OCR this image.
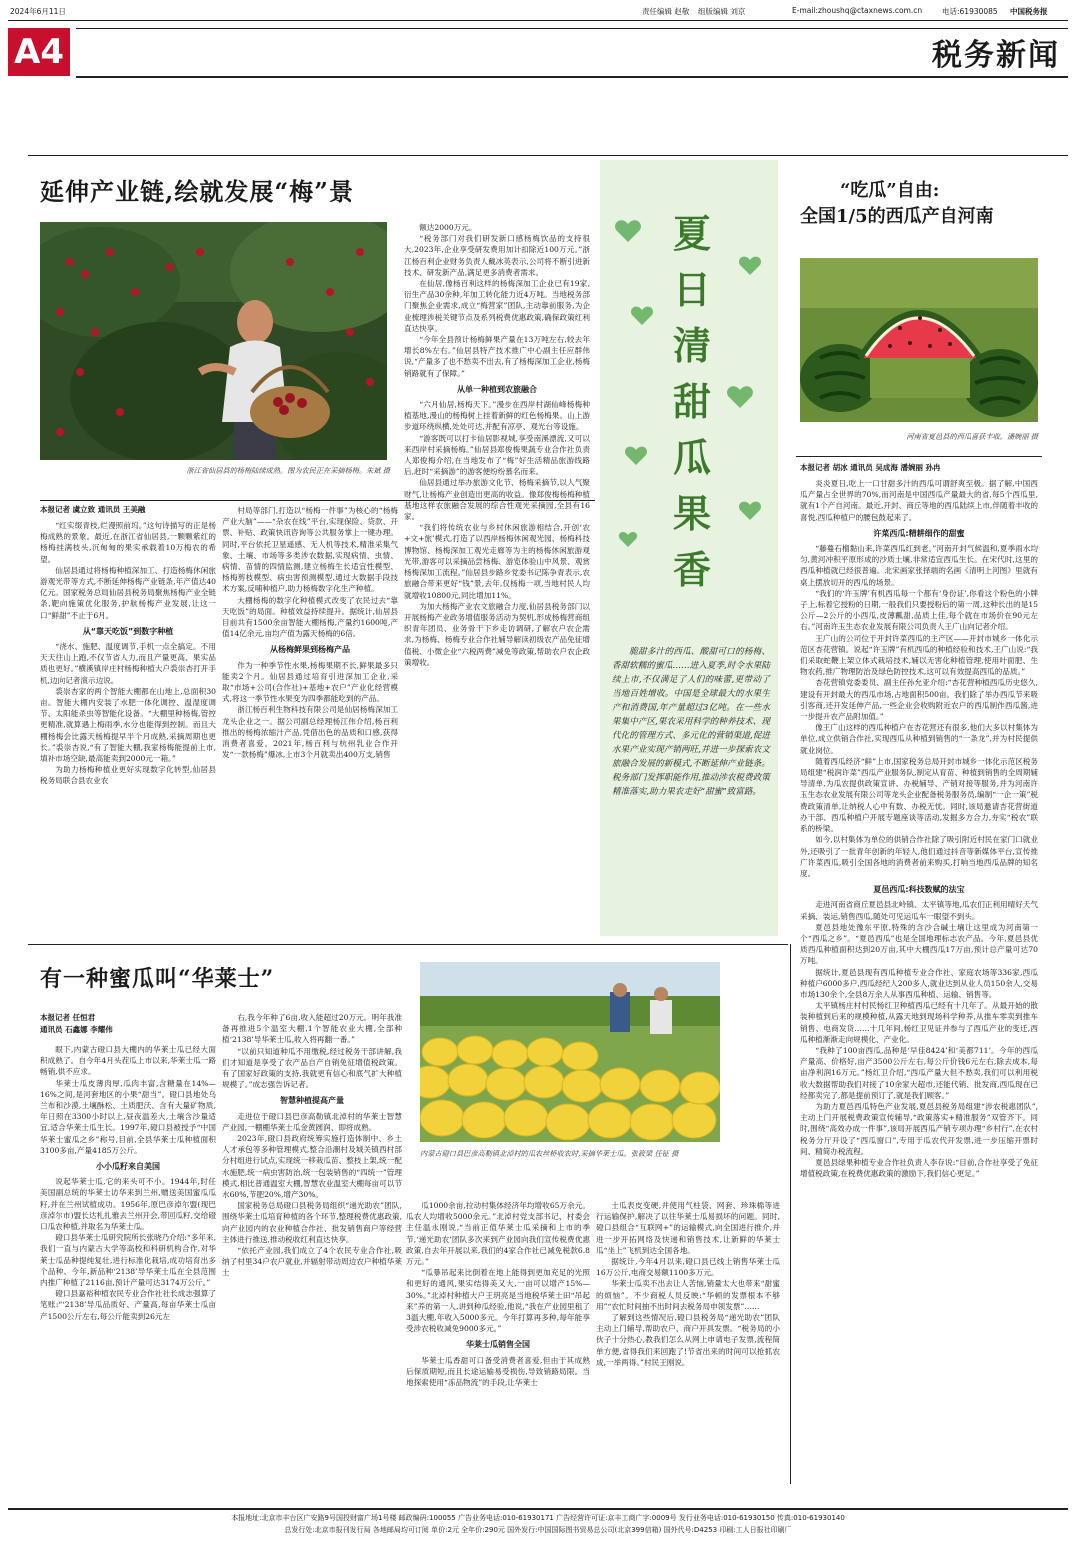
2024年6月11日	责任编辑 赵敬 组版编辑 刘京	E-mail:zhoushq@ctaxnews.com.cn	电话:61930085 中国税务报
A4	税务新闻
延伸产业链,绘就发展“梅”景
浙江省仙居县的杨梅陆续成熟。图为农民正在采摘杨梅。朱斌 摄
本报记者 虞立致 通讯员 王美融

“红实缀青枝,烂漫照前坞。”这句诗描写的正是杨梅成熟的景象。最近,在浙江省仙居县,一颗颗紫红的杨梅挂满枝头,沉甸甸的果实承载着10万梅农的希望。

仙居县通过将杨梅种植深加工、打造杨梅休闲旅游观光带等方式,不断延伸杨梅产业链条,年产值达40亿元。国家税务总局仙居县税务局聚焦杨梅产业全链条,靶向施策优化服务,护航杨梅产业发展,让这一口“鲜甜”不止于6月。

从“靠天吃饭”到数字种植

“浇水、施肥、温度调节,手机一点全搞定。不用天天往山上跑,不仅节省人力,而且产量更高、果实品质也更好。”横溪镇岸庄村杨梅种植大户裘崇杏打开手机,边向记者演示边说。

裘崇杏家的两个智能大棚都在山地上,总面积30亩。智能大棚内安装了水肥一体化调控、温湿度调节、太阳能杀虫等智能化设备。“大棚里种杨梅,管控更精准,就算遇上梅雨季,水分也能得到控制。而且大棚杨梅会比露天杨梅提早半个月成熟,采摘周期也更长。”裘崇杏说,“有了智能大棚,我家杨梅能提前上市,填补市场空缺,最高能卖到2000元一箱。”

为助力杨梅种植业更好实现数字化转型,仙居县税务局联合县农业农

村局等部门,打造以“杨梅一件事”为核心的“杨梅产业大脑”——“杂农在线”平台,实现保险、贷款、开票、补贴、政策快讯咨询等公共服务掌上一键办理。同时,平台依托卫星遥感、无人机等技术,精准采集气象、土壤、市场等多类涉农数据,实现病情、虫情、病情、苗情的四情监测,建立杨梅生长适宜性模型、杨梅剪枝模型、病虫害预测模型,通过大数据手段技术方案,反哺种植户,助力杨梅数字化生产种植。

大棚杨梅的数字化种植模式改变了农民过去“靠天吃饭”的局面。种植效益持续提升。据统计,仙居县目前共有1500余亩智能大棚杨梅,产量约1600吨,产值14亿余元,亩均产值为露天杨梅的6倍。

从杨梅鲜果到杨梅产品

作为一种季节性水果,杨梅果期不长,鲜果最多只能卖2个月。仙居县通过培育引进深加工企业,采取“市场+公司(合作社)+基地+农户”产业化经营模式,将这一季节性水果变为四季都能吃到的产品。

浙江杨百利生物科技有限公司是仙居杨梅深加工龙头企业之一。据公司副总经理杨江伟介绍,杨百利推出的杨梅浓缩汁产品,凭借出色的品质和口感,获得消费者喜爱。2021年,杨百利与杭州乳业合作开发“一款杨梅”爆冰,上市3个月就卖出400万支,销售

额达2000万元。

“税务部门对我们研发新口感杨梅饮品的支持很大,2023年,企业享受研发费用加计扣除近100万元。”浙江杨百利企业财务负责人戴冰英表示,公司将不断引进新技术、研发新产品,满足更多消费者需求。

在仙居,像杨百利这样的杨梅深加工企业已有19家,衍生产品30余种,年加工转化能力近4万吨。当地税务部门聚焦企业需求,成立“梅营家”团队,主动靠前服务,为企业梳理涉税关键节点及系列税费优惠政策,确保政策红利直达快享。

“今年全县预计杨梅鲜果产量在13万吨左右,较去年增长8%左右。”仙居县特产技术推广中心副主任应群伟说,“产量多了也不愁卖不出去,有了杨梅深加工企业,杨梅销路就有了保障。”

从单一种植到农旅融合

“六月仙居,杨梅天下。”漫步在西岸村湖仙峰杨梅种植基地,漫山的杨梅树上挂着新鲜的红色杨梅果。山上游步道环绕纵横,处处可达,并配有凉亭、观光台等设施。

“游客既可以打卡仙居影视城,享受南溪漂流,又可以来西岸村采摘杨梅。”仙居县郑俊梅果蔬专业合作社负责人郑俊梅介绍,在当地发布了“梅”好生活精品旅游线路后,赶时“采摘游”的游客便纷纷慕名而来。

仙居县通过举办旅游文化节、杨梅采摘节,以人气聚财气,让杨梅产业创造出更高的收益。像郑俊梅杨梅种植基地这样农旅融合发展的综合性观光采摘园,全县有16家。

“我们将传统农业与乡村休闲旅游相结合,开创‘农+文+旅’模式,打造了以西岸杨梅休闲观光园、杨梅科技博物馆、杨梅深加工观光走廊等为主的杨梅休闲旅游观光带,游客可以采摘品尝杨梅、游览体验山中风景、观赏杨梅深加工流程。”仙居县步路乡党委书记陈争青表示,农旅融合带来更好“钱”景,去年,仅杨梅一项,当地村民人均就增收10800元,同比增加11%。

为加大杨梅产业农文旅融合力度,仙居县税务部门以开展杨梅产业政务增值服务活动为契机,形成杨梅营商组织青年团员、业务骨干下乡走访调研,了解农户农企需求,为杨梅、杨梅专业合作社辅导解读初级农产品免征增值税、小微企业“六税两费”减免等政策,帮助农户农企政策增收。

夏
日
清
甜
瓜
果
香
脆甜多汁的西瓜、酸甜可口的杨梅、香甜软糯的蜜瓜……进入夏季,时令水果陆续上市,不仅满足了人们的味蕾,更带动了当地百姓增收。中国是全球最大的水果生产和消费国,年产量超过3亿吨。在一些水果集中产区,果农采用科学的种养技术、现代化的管理方式、多元化的营销渠道,促进水果产业实现产销两旺,并进一步探索农文旅融合发展的新模式,不断延伸产业链条。税务部门发挥职能作用,推动涉农税费政策精准落实,助力果农走好“甜蜜”致富路。
“吃瓜”自由:
全国1/5的西瓜产自河南
河南省夏邑县的西瓜喜获丰收。潘婉丽 摄
本报记者 胡冰 通讯员 吴成海 潘婉丽 孙冉

炎炎夏日,吃上一口甘甜多汁的西瓜可谓舒爽至极。据了解,中国西瓜产量占全世界的70%,而河南是中国西瓜产量最大的省,每5个西瓜里,就有1个产自河南。最近,开封、商丘等地的西瓜陆续上市,伴随着丰收的喜悦,西瓜种植户的腰包鼓起来了。

许菜西瓜:精耕细作的甜蜜

“藤蔓石榴黏山来,许菜西瓜红到老。”河南开封气候温和,夏季雨水均匀,黄河冲积平原形成的沙质土壤,非常适宜西瓜生长。在宋代时,这里的西瓜种植就已经很普遍。北宋画家张择端的名画《清明上河图》里就有桌上摆放切开的西瓜的场景。

“我们的‘许玉牌’有机西瓜每一个都有‘身份证’,你看这个粉色的小牌子上,标着它授粉的日期,一般我们只要授粉后的第一周,这种长出的是15公斤—2公斤的小西瓜,皮薄瓤甜,品质上佳,每个就在市场价在90元左右。”河南许玉生态农业发展有限公司负责人王广山向记者介绍。

王广山的公司位于开封许菜西瓜的主产区——开封市城乡一体化示范区杏花营镇。说起“许玉牌”有机西瓜的种植经验和技术,王广山说:“我们采取蛇鞭上架立体式栽培技术,辅以无害化种植管理,使用叶面肥、生物农药,推广物理防治及绿色防控技术,这可以有效提高西瓜的品质。”

杏花营镇党委委员、副主任孙允亚介绍:“杏花营种植西瓜历史悠久,建设有开封最大的西瓜市场,占地面积500亩。我们除了举办西瓜节来吸引客商,还开发延伸产品,一些企业会收购附近农户的西瓜制作西瓜酱,进一步提升农产品附加值。”

像王广山这样的西瓜种植户在杏花营还有很多,他们大多以村集体为单位,成立供销合作社,实现西瓜从种植到销售的“一条龙”,并为村民提供就业岗位。

随着西瓜经济“鲜”上市,国家税务总局开封市城乡一体化示范区税务局组建“税润许菜”西瓜产业服务队,制定从育苗、种植到销售的全周期辅导清单,为瓜农提供政策宣讲、办税辅导、产销对接等服务,并为河南许玉生态农业发展有限公司等龙头企业配备税务服务员,编制“一企一策”税费政策清单,让纳税人心中有数、办税无忧。同时,该局邀请杏花营街道办干部、西瓜种植户开展专题座谈等活动,发掘多方合力,夯实“税农”联系的桥梁。

如今,以村集体为单位的供销合作社除了吸引附近村民在家门口就业外,还吸引了一批青年创新的年轻人,他们通过抖音等新媒体平台,宣传推广许菜西瓜,吸引全国各地的消费者前来购买,打响当地西瓜品牌的知名度。

夏邑西瓜:科技数赋的法宝

走进河南省商丘夏邑县北岭镇、太平镇等地,瓜农们正利用晴好天气采摘、装运,销售西瓜,随处可见运瓜车一眼望不到头。

夏邑县地处豫东平原,特殊的含沙合碱土壤让这里成为河南第一个“西瓜之乡”。“夏邑西瓜”也是全国地理标志农产品。今年,夏邑县优质西瓜种植面积达到20万亩,其中大棚西瓜17万亩,预计总产量可达70万吨。

据统计,夏邑县现有西瓜种植专业合作社、家庭农场等336家,西瓜种植户6000多户,西瓜经纪人200多人,就业达到从业人员150余人,交易市场130余个,全县8万余人从事西瓜种植、运输、销售等。

太平镇杨庄村村民杨红卫种植西瓜已经有十几年了。从最开始的散装种植到后来的规模种植,从露天地到现场科学种养,从推车零卖到推车销售、电商发货……十几年间,杨红卫见证并参与了西瓜产业的变迁,西瓜种植渐渐走向规模化、产业化。

“我种了100亩西瓜,品种是‘早佳8424’和‘美都711’。今年的西瓜产量高、价格好,亩产3500公斤左右,每公斤价钱6元左右,除去成本,每亩净利润16万元。”杨红卫介绍,“西瓜产量大但不愁卖,我们可以利用税收大数据帮助我们对接了10余家大超市,还能代销、批发商,西瓜现在已经都卖完了,都是提前预订了,就是我们顾客。”

为助力夏邑西瓜特色产业发展,夏邑县税务局组建“涉农税惠团队”,主动上门开展税费政策宣传辅导,“政策落实+精准服务”双管齐下。同时,围绕“高效办成一件事”,该局开展西瓜产销专项办理“乡村行”,在农村税务分厅开设了“西瓜窗口”,专用于瓜农代开发票,进一步压缩开票时间、精简办税流程。

夏邑县绿果种植专业合作社负责人李存说:“目前,合作社享受了免征增值税政策,在税费优惠政策的激励下,我们信心更足。”

有一种蜜瓜叫“华莱士”
内蒙古磴口县巴彦高勒镇北淖村的瓜农丝桥收农时,采摘华莱士瓜。张筱梁 任钲 摄
本报记者 任恒君
通讯员 石鑫娜 李耀伟

眼下,内蒙古磴口县大棚内的华莱士瓜已经大面积成熟了。自今年4月头茬瓜上市以来,华莱士瓜一路畅销,供不应求。

华莱士瓜皮薄肉厚,瓜肉丰富,含糖量在14%—16%之间,是河套地区的小果“甜当”。磴口县地处乌兰布和沙漠,土壤酥松、土质肥沃、含有大量矿物质,年日照在3300小时以上,昼夜温差大,土壤含沙量适宜,适合华莱士瓜生长。1997年,磴口县被授予“中国华莱士蜜瓜之乡”称号,目前,全县华莱士瓜种植面积3100多亩,产量4185万公斤。

小小瓜籽来自美国

说起华莱士瓜,它的来头可不小。1944年,时任美国副总统的华莱士访华来到兰州,赠送美国蜜瓜瓜籽,并在兰州试植成功。1956年,原巴彦淖尔盟(现巴彦淖尔市)盟长达札扎雅去兰州开会,带回瓜籽,交给磴口瓜农种植,并取名为华莱士瓜。

磴口县华莱士瓜研究院所长张晓乃介绍:“多年来,我们一直与内蒙古大学等高校和科研机构合作,对华莱士瓜品种提纯复壮,进行标准化栽培,成功培育出多个品种。今年,新品种‘2138’导华莱士瓜在全县范围内推广种植了2116亩,预计产量可达3174万公斤。”

磴口县嘉裕种植农民专业合作社社长成志强算了笔账:“‘2138’导瓜品质好、产量高,每亩华莱士瓜亩产1500公斤左右,每公斤能卖到26元左

右,我今年种了6亩,收入能超过20万元。明年我准备再推进5个温室大棚,1个智能农业大棚,全部种植‘2138’导华莱士瓜,收入将再翻一番。”

“以前只知道种瓜不用缴税,经过税务干部讲解,我们才知道是享受了农产品自产自销免征增值税政策。有了国家好政策的支持,我就更有信心和底气扩大种植规模了。”成志强告诉记者。

智慧种植提高产量

走进位于磴口县巴彦高勒镇北淖村的华莱士智慧产业园,一棚棚华莱士瓜金黄圆润、即将成熟。

2023年,磴口县政府统筹实施打造体制中、乡土人才承包等多种管理模式,整合沿潮村及城关镇西村部分村组进行试点,实现统一移栽瓜苗、整枝上架,统一配水施肥,统一病虫害防治,统一包装销售的“四统一”管理模式,相比普通温室大棚,智慧农业温室大棚每亩可以节水60%,节肥20%,增产30%。

国家税务总局磴口县税务局组织“递光助农”团队,围绕华莱士瓜培育种植的各个环节,整理税费优惠政策,向产业园内的农业种植合作社、批发销售商户等经营主体进行推送,推动税收红利直达快享。

“依托产业园,我们成立了4个农民专业合作社,吸纳了村里34户农户就业,并辐射带动周边农户种植华莱士

瓜1000余亩,拉动村集体经济年均增收65万余元。瓜农人均增收5000余元。”北淖村党支部书记、村委会主任温永刚说,“当前正值华莱士瓜采摘和上市的季节,‘递光助农’团队多次来到产业园向我们宣传税费优惠政策,自去年开展以来,我们的4家合作社已减免税款6.8万元。”

“瓜暴吊起来比倒着在地上能得到更加充足的光照和更好的通风,果实结得美又大,一亩可以增产15%—30%。”北淖村种植大户王玥亮是当地税华莱士田“吊起来”养的第一人,讲到种瓜经验,他说,“我在产业园里租了3温大棚,年收入5000多元。今年打算再多种,每年能享受涉农税收减免9000多元。”

华莱士瓜销售全国

华莱士瓜香甜可口备受消费者喜爱,但由于其成熟后保质期短,而且长途运输易受损伤,导致销路局限。当地探索使用“冻品物流”的手段,让华莱士

士瓜表皮变硬,并使用气柱袋、网套、珍珠棉等进行运输保护,解决了以往华莱士瓜易损坏的问题。同时,磴口县组合“互联网+”的运输模式,向全国进行推介,并进一步开拓网络及快递和销售技术,让新鲜的华莱士瓜“坐上”飞机到达全国各地。

据统计,今年4月以来,磴口县已线上销售华莱士瓜16万公斤,电商交易额1100多万元。

华莱士瓜卖不出去让人苦恼,销量太大也带来“甜蜜的烦恼”。不少商税人员反映:“华顿的发票根本不够用”“农忙时间抽不出时间去税务局申领发票”……

了解到这些情况后,磴口县税务局“递光助农”团队主动上门辅导,帮助农户、商户开具发票。“税务局的小伙子十分热心,教我们怎么从网上申请电子发票,流程简单方便,省得我们来回跑了!节省出来的时间可以抢抓农成,一举两得。”村民王刚说。

本报地址:北京市丰台区广安路9号国投财富广场1号楼 邮政编码:100055 广告业务电话:010-61930171 广告经营许可证:京丰工商广字:0009号 发行业务电话:010-61930150 传真:010-61930140
总发行处:北京市报刊发行局 各地邮局均可订阅 单价:2元 全年价:290元 国外发行:中国国际图书贸易总公司(北京399信箱) 国外代号:D4253 印刷:工人日报社印刷厂
